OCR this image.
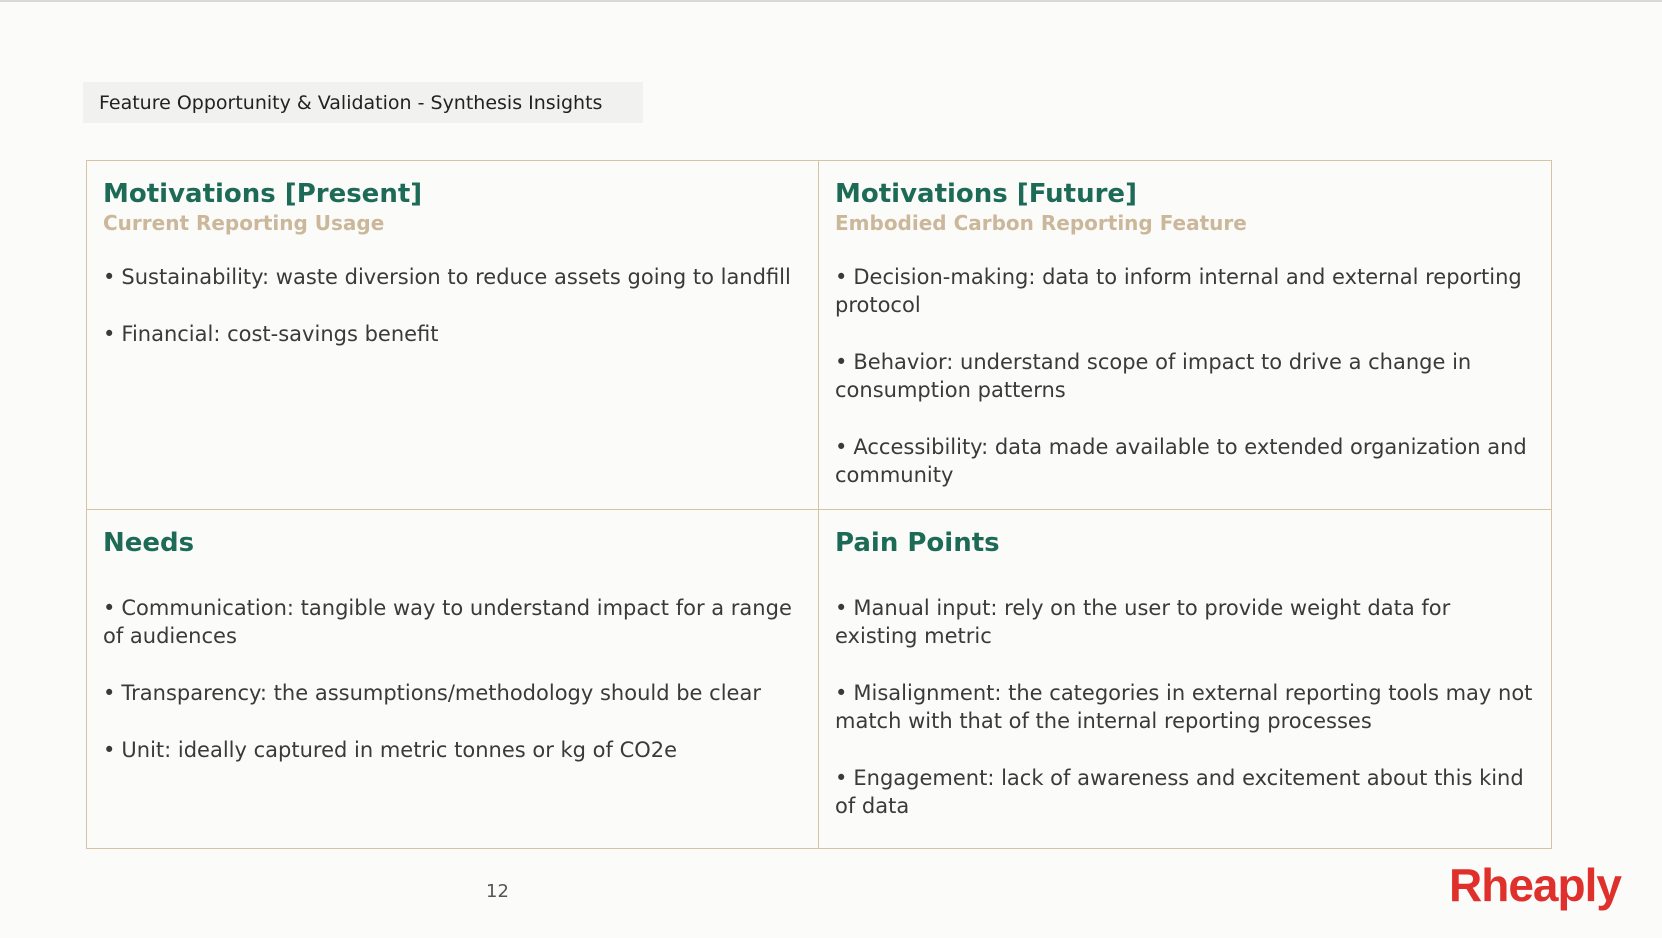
Feature Opportunity & Validation - Synthesis Insights
Motivations [Present]
Current Reporting Usage
• Sustainability: waste diversion to reduce assets going to landfill
• Financial: cost-savings benefit
Motivations [Future]
Embodied Carbon Reporting Feature
• Decision-making: data to inform internal and external reporting protocol
• Behavior: understand scope of impact to drive a change in consumption patterns
• Accessibility: data made available to extended organization and community
Needs
• Communication: tangible way to understand impact for a range of audiences
• Transparency: the assumptions/methodology should be clear
• Unit: ideally captured in metric tonnes or kg of CO2e
Pain Points
• Manual input: rely on the user to provide weight data for existing metric
• Misalignment: the categories in external reporting tools may not match with that of the internal reporting processes
• Engagement: lack of awareness and excitement about this kind of data
12	Rheaply
